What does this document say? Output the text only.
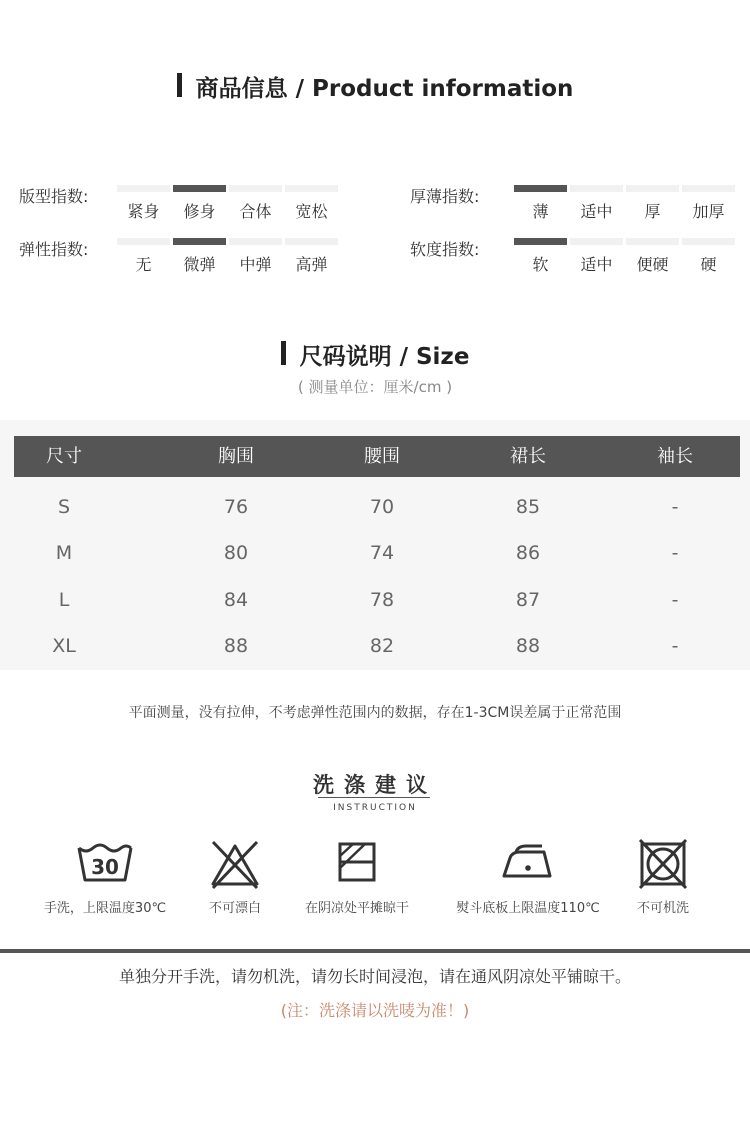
商品信息 / Product information
版型指数:
紧身	修身	合体	宽松
厚薄指数:
薄	适中	厚	加厚
弹性指数:
无	微弹	中弹	高弹
软度指数:
软	适中	便硬	硬
尺码说明 / Size
( 测量单位：厘米/cm )
尺寸	胸围	腰围	裙长	袖长
S	76	70	85	-
M	80	74	86	-
L	84	78	87	-
XL	88	82	88	-
平面测量，没有拉伸，不考虑弹性范围内的数据，存在1-3CM误差属于正常范围
洗涤建议
INSTRUCTION
30
手洗，上限温度30℃	不可漂白	在阴凉处平摊晾干	熨斗底板上限温度110℃	不可机洗
单独分开手洗，请勿机洗，请勿长时间浸泡，请在通风阴凉处平铺晾干。
(注：洗涤请以洗唛为准！)
